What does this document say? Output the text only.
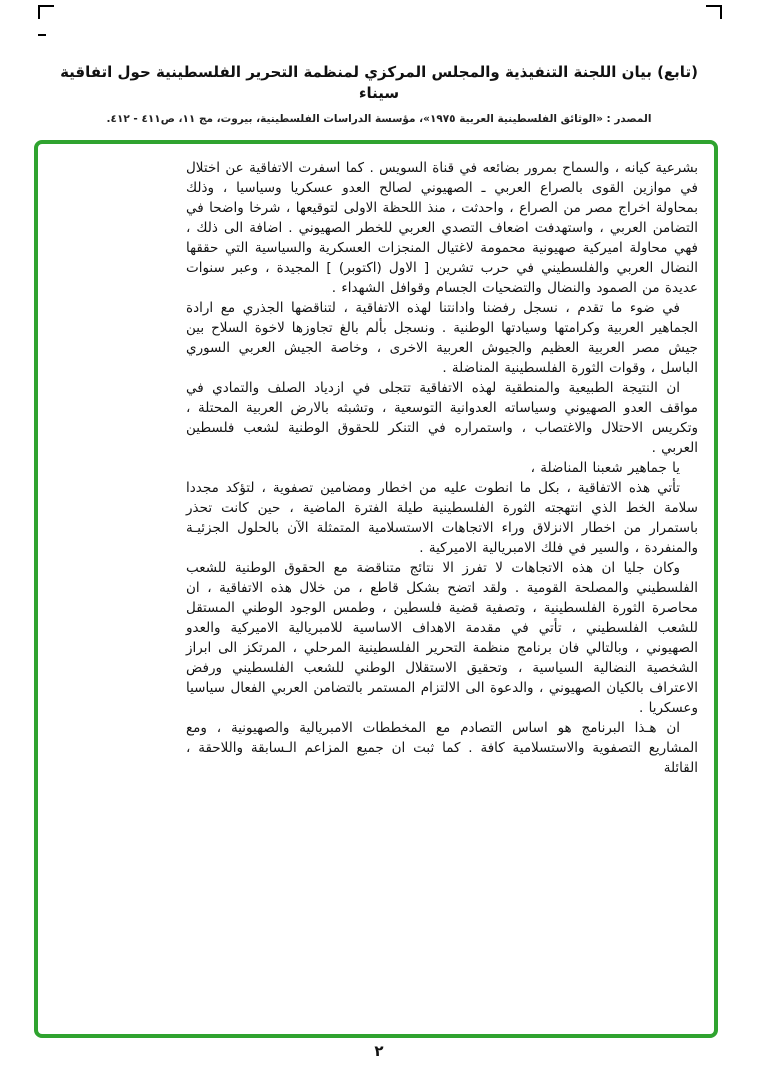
(تابع) بيان اللجنة التنفيذية والمجلس المركزي لمنظمة التحرير الفلسطينية حول اتفاقية سيناء
المصدر : «الوثائق الفلسطينية العربية ١٩٧٥»، مؤسسة الدراسات الفلسطينية، بيروت، مج ١١، ص٤١١ - ٤١٢.

بشرعية كيانه ، والسماح بمرور بضائعه في قناة السويس . كما اسفرت الاتفاقية عن اختلال في موازين القوى بالصراع العربي ـ الصهيوني لصالح العدو عسكريا وسياسيا ، وذلك بمحاولة اخراج مصر من الصراع ، واحدثت ، منذ اللحظة الاولى لتوقيعها ، شرخا واضحا في التضامن العربي ، واستهدفت اضعاف التصدي العربي للخطر الصهيوني . اضافة الى ذلك ، فهي محاولة اميركية صهيونية محمومة لاغتيال المنجزات العسكرية والسياسية التي حققها النضال العربي والفلسطيني في حرب تشرين [ الاول (اكتوبر) ] المجيدة ، وعبر سنوات عديدة من الصمود والنضال والتضحيات الجسام وقوافل الشهداء .

في ضوء ما تقدم ، نسجل رفضنا وادانتنا لهذه الاتفاقية ، لتناقضها الجذري مع ارادة الجماهير العربية وكرامتها وسيادتها الوطنية . ونسجل بألم بالغ تجاوزها لاخوة السلاح بين جيش مصر العربية العظيم والجيوش العربية الاخرى ، وخاصة الجيش العربي السوري الباسل ، وقوات الثورة الفلسطينية المناضلة .

ان النتيجة الطبيعية والمنطقية لهذه الاتفاقية تتجلى في ازدياد الصلف والتمادي في مواقف العدو الصهيوني وسياساته العدوانية التوسعية ، وتشبثه بالارض العربية المحتلة ، وتكريس الاحتلال والاغتصاب ، واستمراره في التنكر للحقوق الوطنية لشعب فلسطين العربي .

يا جماهير شعبنا المناضلة ،

تأتي هذه الاتفاقية ، بكل ما انطوت عليه من اخطار ومضامين تصفوية ، لتؤكد مجددا سلامة الخط الذي انتهجته الثورة الفلسطينية طيلة الفترة الماضية ، حين كانت تحذر باستمرار من اخطار الانزلاق وراء الاتجاهات الاستسلامية المتمثلة الآن بالحلول الجزئيـة والمنفردة ، والسير في فلك الامبريالية الاميركية .

وكان جليا ان هذه الاتجاهات لا تفرز الا نتائج متناقضة مع الحقوق الوطنية للشعب الفلسطيني والمصلحة القومية . ولقد اتضح بشكل قاطع ، من خلال هذه الاتفاقية ، ان محاصرة الثورة الفلسطينية ، وتصفية قضية فلسطين ، وطمس الوجود الوطني المستقل للشعب الفلسطيني ، تأتي في مقدمة الاهداف الاساسية للامبريالية الاميركية والعدو الصهيوني ، وبالتالي فان برنامج منظمة التحرير الفلسطينية المرحلي ، المرتكز الى ابراز الشخصية النضالية السياسية ، وتحقيق الاستقلال الوطني للشعب الفلسطيني ورفض الاعتراف بالكيان الصهيوني ، والدعوة الى الالتزام المستمر بالتضامن العربي الفعال سياسيا وعسكريا .

ان هـذا البرنامج هو اساس التصادم مع المخططات الامبريالية والصهيونية ، ومع المشاريع التصفوية والاستسلامية كافة . كما ثبت ان جميع المزاعم الـسابقة واللاحقة ، القائلة

٢
